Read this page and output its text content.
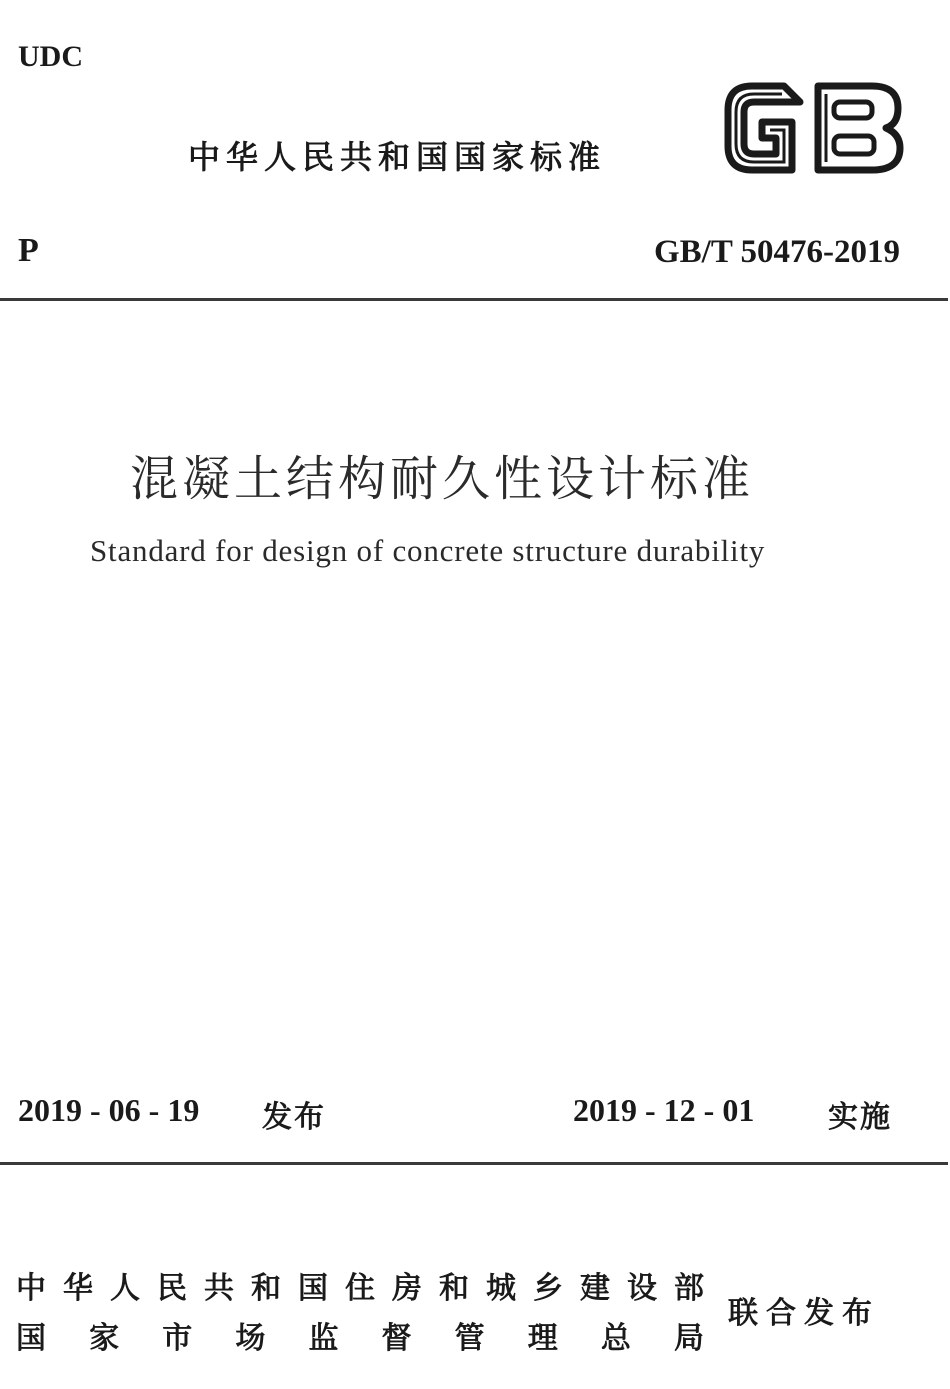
UDC
中华人民共和国国家标准
P	GB/T 50476-2019
混凝土结构耐久性设计标准
Standard for design of concrete structure durability
2019 - 06 - 19 发布	2019 - 12 - 01 实施
中 华 人 民 共 和 国 住 房 和 城 乡 建 设 部
国 家 市 场 监 督 管 理 总 局
联合发布
